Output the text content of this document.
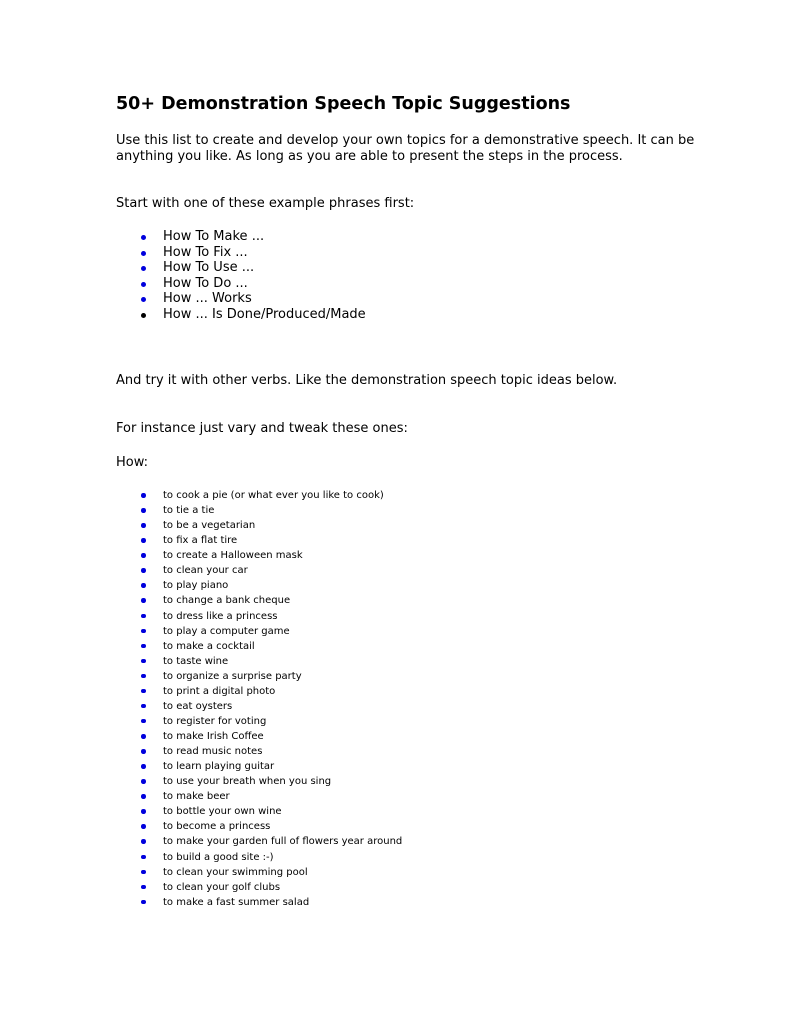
50+ Demonstration Speech Topic Suggestions

Use this list to create and develop your own topics for a demonstrative speech. It can be anything you like. As long as you are able to present the steps in the process.

Start with one of these example phrases first:

How To Make ...
How To Fix ...
How To Use ...
How To Do ...
How ... Works
How ... Is Done/Produced/Made

And try it with other verbs. Like the demonstration speech topic ideas below.

For instance just vary and tweak these ones:

How:

to cook a pie (or what ever you like to cook)
to tie a tie
to be a vegetarian
to fix a flat tire
to create a Halloween mask
to clean your car
to play piano
to change a bank cheque
to dress like a princess
to play a computer game
to make a cocktail
to taste wine
to organize a surprise party
to print a digital photo
to eat oysters
to register for voting
to make Irish Coffee
to read music notes
to learn playing guitar
to use your breath when you sing
to make beer
to bottle your own wine
to become a princess
to make your garden full of flowers year around
to build a good site :-)
to clean your swimming pool
to clean your golf clubs
to make a fast summer salad
